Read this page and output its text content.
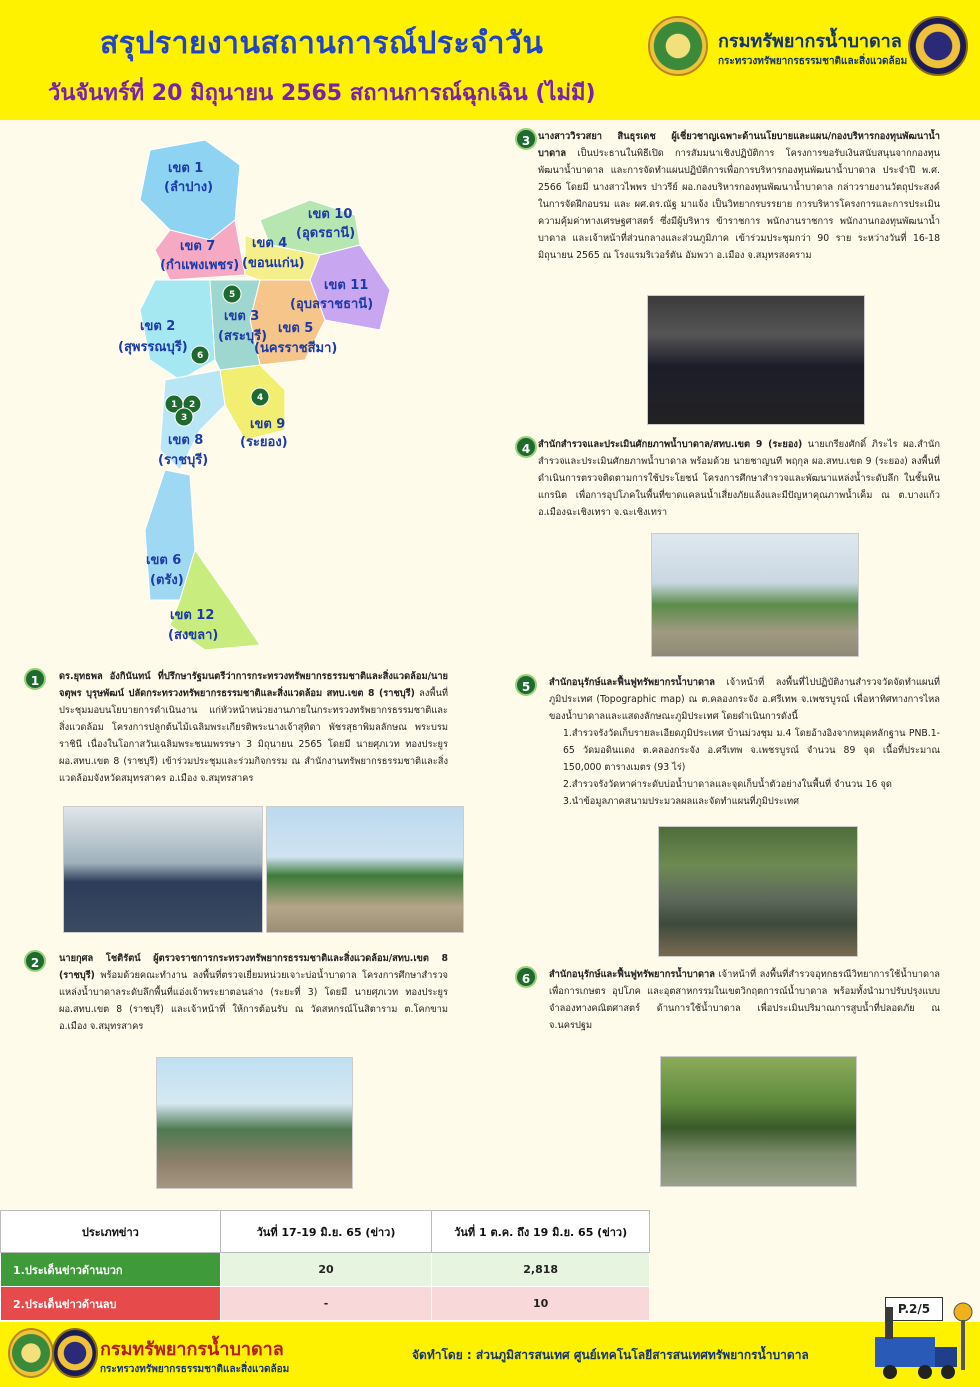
สรุปรายงานสถานการณ์ประจำวัน
วันจันทร์ที่ 20 มิถุนายน 2565 สถานการณ์ฉุกเฉิน (ไม่มี)
กรมทรัพยากรน้ำบาดาล
กระทรวงทรัพยากรธรรมชาติและสิ่งแวดล้อม
เขต 1
(ลำปาง)
เขต 10
(อุดรธานี)
เขต 7
(กำแพงเพชร)
เขต 4
(ขอนแก่น)
เขต 11
(อุบลราชธานี)
เขต 2
(สุพรรณบุรี)
เขต 3
(สระบุรี)
เขต 5
(นครราชสีมา)
เขต 9
(ระยอง)
เขต 8
(ราชบุรี)
เขต 6
(ตรัง)
เขต 12
(สงขลา)
1 2
3
4
5
6
3 นางสาววิรวสยา สินธุรเดช ผู้เชี่ยวชาญเฉพาะด้านนโยบายและแผน/กองบริหารกองทุนพัฒนาน้ำบาดาล เป็นประธานในพิธีเปิด การสัมมนาเชิงปฏิบัติการ โครงการขอรับเงินสนับสนุนจากกองทุนพัฒนาน้ำบาดาล และการจัดทำแผนปฏิบัติการเพื่อการบริหารกองทุนพัฒนาน้ำบาดาล ประจำปี พ.ศ. 2566 โดยมี นางสาวไพพร ปาวรีย์ ผอ.กองบริหารกองทุนพัฒนาน้ำบาดาล กล่าวรายงานวัตถุประสงค์ในการจัดฝึกอบรม และ ผศ.ดร.ณัฐ มาแจ้ง เป็นวิทยากรบรรยาย การบริหารโครงการและการประเมินความคุ้มค่าทางเศรษฐศาสตร์ ซึ่งมีผู้บริหาร ข้าราชการ พนักงานราชการ พนักงานกองทุนพัฒนาน้ำบาดาล และเจ้าหน้าที่ส่วนกลางและส่วนภูมิภาค เข้าร่วมประชุมกว่า 90 ราย ระหว่างวันที่ 16-18 มิถุนายน 2565 ณ โรงแรมริเวอร์ตัน อัมพวา อ.เมือง จ.สมุทรสงคราม
4 สำนักสำรวจและประเมินศักยภาพน้ำบาดาล/สทบ.เขต 9 (ระยอง) นายเกรียงศักดิ์ ภิระไร ผอ.สำนักสำรวจและประเมินศักยภาพน้ำบาดาล พร้อมด้วย นายชาญนที พฤกุล ผอ.สทบ.เขต 9 (ระยอง) ลงพื้นที่ดำเนินการตรวจติดตามการใช้ประโยชน์ โครงการศึกษาสำรวจและพัฒนาแหล่งน้ำระดับลึก ในชั้นหินแกรนิต เพื่อการอุปโภคในพื้นที่ขาดแคลนน้ำเสี่ยงภัยแล้งและมีปัญหาคุณภาพน้ำเค็ม ณ ต.บางแก้ว อ.เมืองฉะเชิงเทรา จ.ฉะเชิงเทรา
1	ดร.ยุทธพล อังกินันทน์ ที่ปรึกษารัฐมนตรีว่าการกระทรวงทรัพยากรธรรมชาติและสิ่งแวดล้อม/นายจตุพร บุรุษพัฒน์ ปลัดกระทรวงทรัพยากรธรรมชาติและสิ่งแวดล้อม สทบ.เขต 8 (ราชบุรี) ลงพื้นที่ประชุมมอบนโยบายการดำเนินงาน แก่หัวหน้าหน่วยงานภายในกระทรวงทรัพยากรธรรมชาติและสิ่งแวดล้อม โครงการปลูกต้นไม้เฉลิมพระเกียรติพระนางเจ้าสุทิดา พัชรสุธาพิมลลักษณ พระบรมราชินี เนื่องในโอกาสวันเฉลิมพระชนมพรรษา 3 มิถุนายน 2565 โดยมี นายศุภเวท ทองประยูร ผอ.สทบ.เขต 8 (ราชบุรี) เข้าร่วมประชุมและร่วมกิจกรรม ณ สำนักงานทรัพยากรธรรมชาติและสิ่งแวดล้อมจังหวัดสมุทรสาคร อ.เมือง จ.สมุทรสาคร
2	นายกุศล โชติรัตน์ ผู้ตรวจราชการกระทรวงทรัพยากรธรรมชาติและสิ่งแวดล้อม/สทบ.เขต 8 (ราชบุรี) พร้อมด้วยคณะทำงาน ลงพื้นที่ตรวจเยี่ยมหน่วยเจาะบ่อน้ำบาดาล โครงการศึกษาสำรวจแหล่งน้ำบาดาลระดับลึกพื้นที่แอ่งเจ้าพระยาตอนล่าง (ระยะที่ 3) โดยมี นายศุภเวท ทองประยูร ผอ.สทบ.เขต 8 (ราชบุรี) และเจ้าหน้าที่ ให้การต้อนรับ ณ วัดสหกรณ์โนสิตาราม ต.โคกขาม อ.เมือง จ.สมุทรสาคร
5	สำนักอนุรักษ์และฟื้นฟูทรัพยากรน้ำบาดาล เจ้าหน้าที่ ลงพื้นที่ไปปฏิบัติงานสำรวจวัดจัดทำแผนที่ภูมิประเทศ (Topographic map) ณ ต.คลองกระจัง อ.ศรีเทพ จ.เพชรบูรณ์ เพื่อหาทิศทางการไหลของน้ำบาดาลและแสดงลักษณะภูมิประเทศ โดยดำเนินการดังนี้
1.สำรวจรังวัดเก็บรายละเอียดภูมิประเทศ บ้านม่วงชุม ม.4 โดยอ้างอิงจากหมุดหลักฐาน PNB.1-65 วัดมอดินแดง ต.คลองกระจัง อ.ศรีเทพ จ.เพชรบูรณ์ จำนวน 89 จุด เนื้อที่ประมาณ 150,000 ตารางเมตร (93 ไร่)
2.สำรวจรังวัดหาค่าระดับบ่อน้ำบาดาลและจุดเก็บน้ำตัวอย่างในพื้นที่ จำนวน 16 จุด
3.นำข้อมูลภาคสนามประมวลผลและจัดทำแผนที่ภูมิประเทศ
6	สำนักอนุรักษ์และฟื้นฟูทรัพยากรน้ำบาดาล เจ้าหน้าที่ ลงพื้นที่สำรวจอุทกธรณีวิทยาการใช้น้ำบาดาล เพื่อการเกษตร อุปโภค และอุตสาหกรรมในเขตวิกฤตการณ์น้ำบาดาล พร้อมทั้งนำมาปรับปรุงแบบจำลองทางคณิตศาสตร์ ด้านการใช้น้ำบาดาล เพื่อประเมินปริมาณการสูบน้ำที่ปลอดภัย ณ จ.นครปฐม
ประเภทข่าว	วันที่ 17-19 มิ.ย. 65 (ข่าว)	วันที่ 1 ต.ค. ถึง 19 มิ.ย. 65 (ข่าว)
1.ประเด็นข่าวด้านบวก	20	2,818
2.ประเด็นข่าวด้านลบ	-	10	P.2/5
กรมทรัพยากรน้ำบาดาล
กระทรวงทรัพยากรธรรมชาติและสิ่งแวดล้อม
จัดทำโดย : ส่วนภูมิสารสนเทศ ศูนย์เทคโนโลยีสารสนเทศทรัพยากรน้ำบาดาล
